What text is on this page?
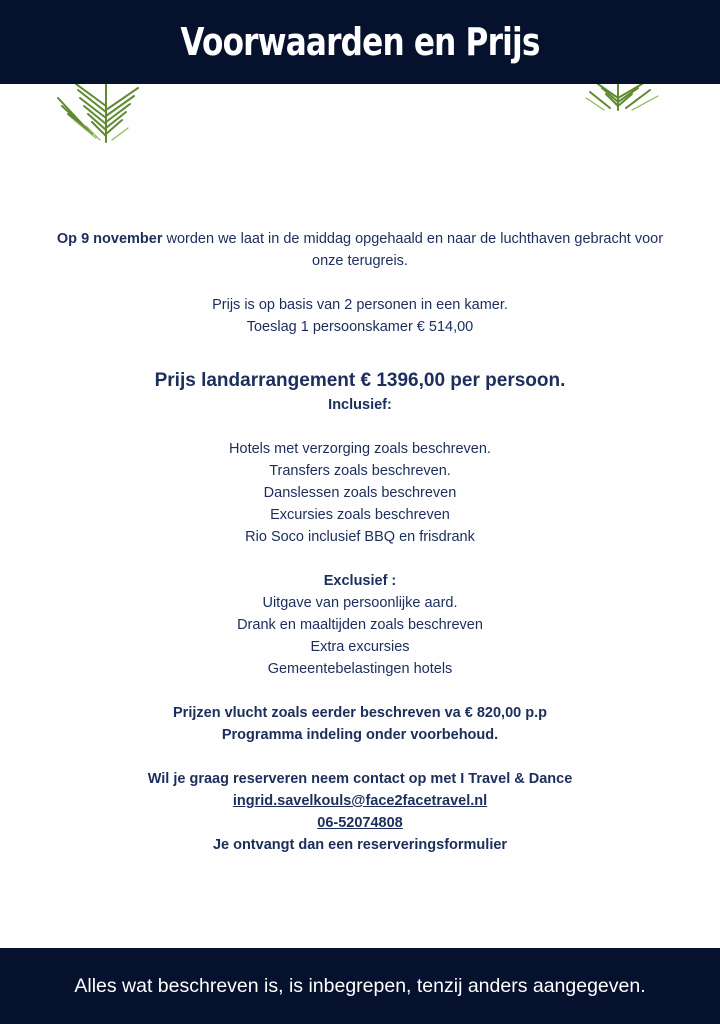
Voorwaarden en Prijs

Op 9 november worden we laat in de middag opgehaald en naar de luchthaven gebracht voor

onze terugreis.

Prijs is op basis van 2 personen in een kamer.

Toeslag 1 persoonskamer € 514,00

Prijs landarrangement € 1396,00 per persoon.

Inclusief:

Hotels met verzorging zoals beschreven.

Transfers zoals beschreven.

Danslessen zoals beschreven

Excursies zoals beschreven

Rio Soco inclusief BBQ en frisdrank

Exclusief :

Uitgave van persoonlijke aard.

Drank en maaltijden zoals beschreven

Extra excursies

Gemeentebelastingen hotels

Prijzen vlucht zoals eerder beschreven va € 820,00 p.p

Programma indeling onder voorbehoud.

Wil je graag reserveren neem contact op met I Travel & Dance

ingrid.savelkouls@face2facetravel.nl

06-52074808

Je ontvangt dan een reserveringsformulier

Alles wat beschreven is, is inbegrepen, tenzij anders aangegeven.
